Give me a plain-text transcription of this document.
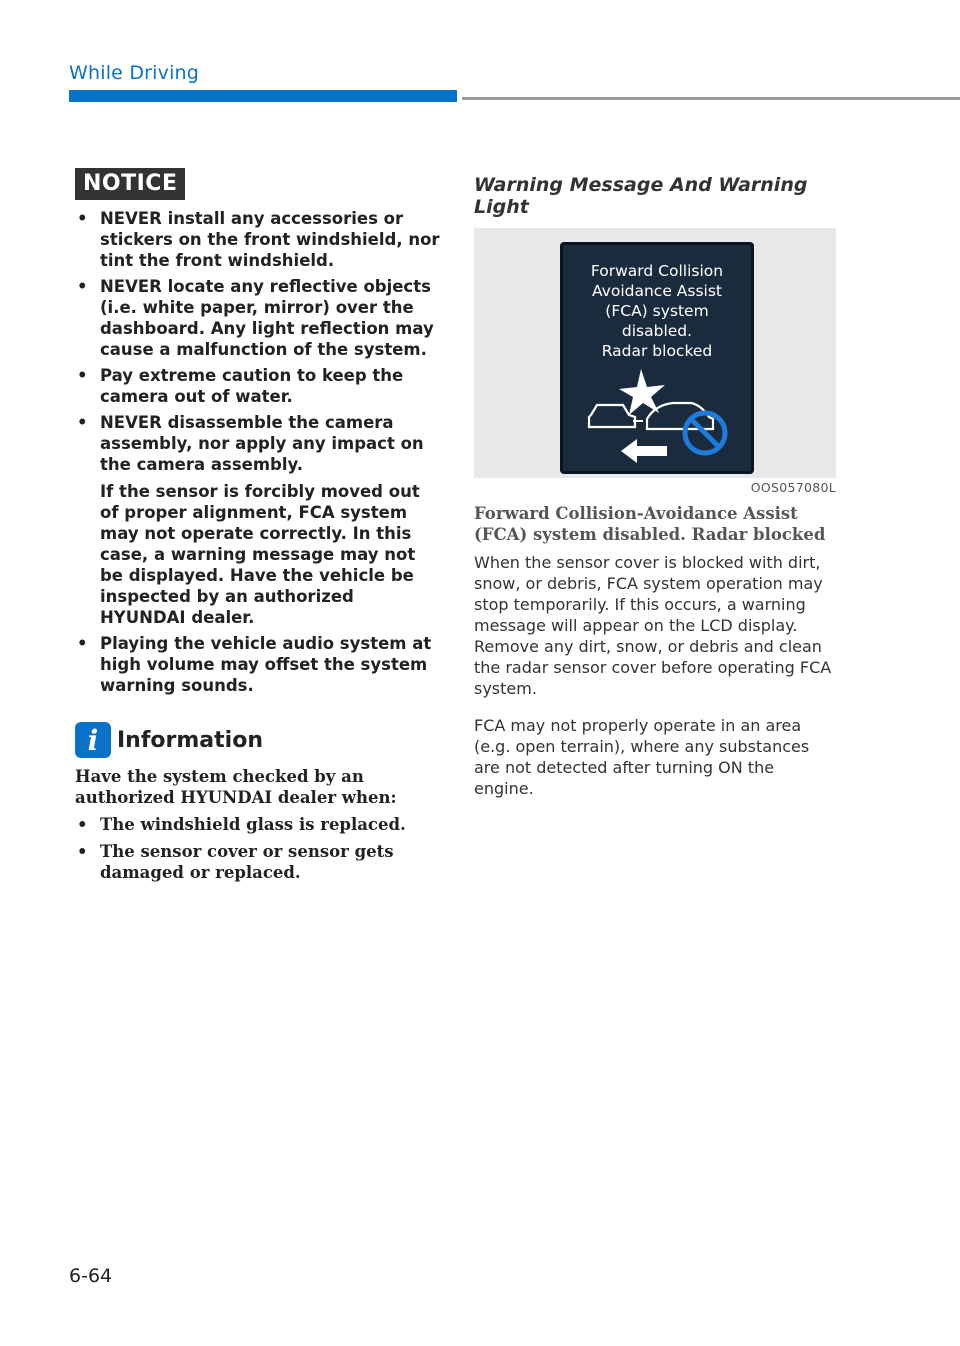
While Driving
NOTICE
• NEVER install any accessories or stickers on the front windshield, nor tint the front windshield.
• NEVER locate any reflective objects (i.e. white paper, mirror) over the dashboard. Any light reflection may cause a malfunction of the system.
• Pay extreme caution to keep the camera out of water.
• NEVER disassemble the camera assembly, nor apply any impact on the camera assembly.
If the sensor is forcibly moved out of proper alignment, FCA system may not operate correctly. In this case, a warning message may not be displayed. Have the vehicle be inspected by an authorized HYUNDAI dealer.
• Playing the vehicle audio system at high volume may offset the system warning sounds.
i Information
Have the system checked by an authorized HYUNDAI dealer when:
• The windshield glass is replaced.
• The sensor cover or sensor gets damaged or replaced.
Warning Message And Warning Light
Forward Collision
Avoidance Assist
(FCA) system
disabled.
Radar blocked
OOS057080L
Forward Collision-Avoidance Assist (FCA) system disabled. Radar blocked

When the sensor cover is blocked with dirt, snow, or debris, FCA system operation may stop temporarily. If this occurs, a warning message will appear on the LCD display. Remove any dirt, snow, or debris and clean the radar sensor cover before operating FCA system.

FCA may not properly operate in an area (e.g. open terrain), where any substances are not detected after turning ON the engine.

6-64
